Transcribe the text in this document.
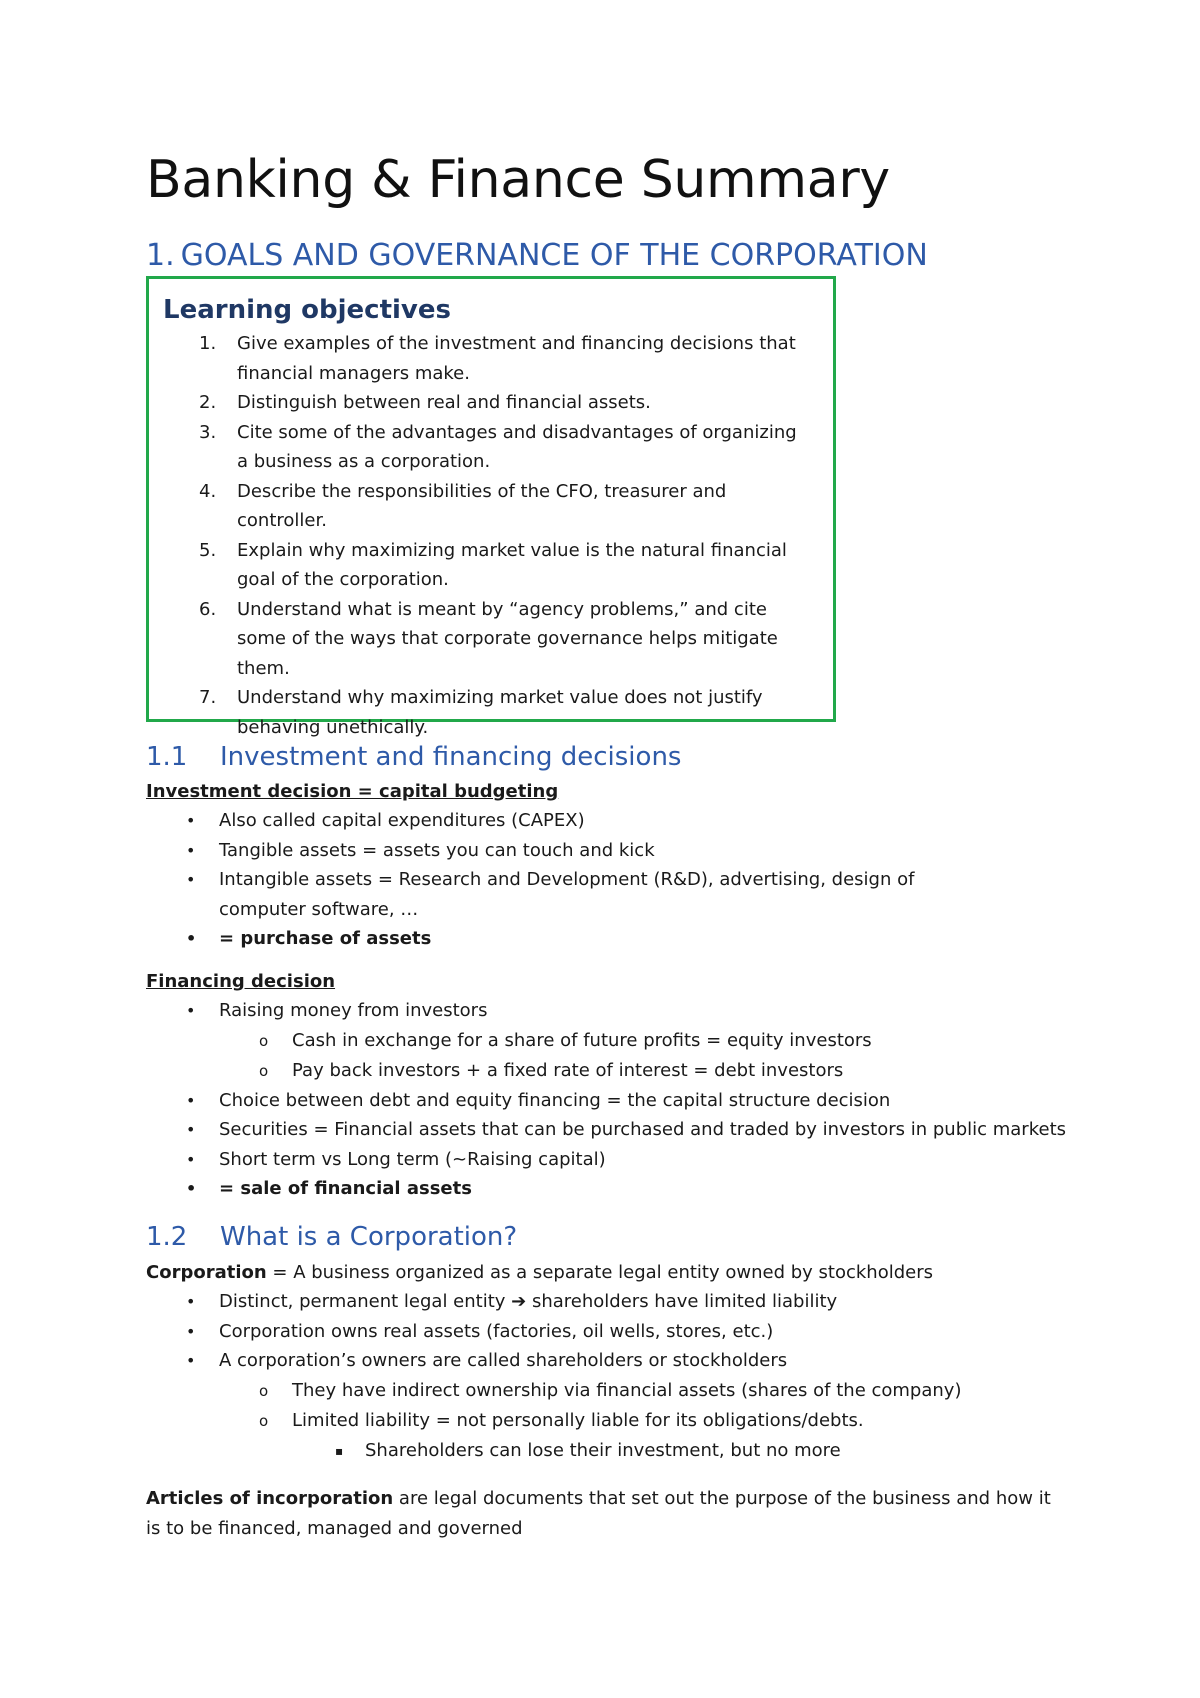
Banking & Finance Summary
1. GOALS AND GOVERNANCE OF THE CORPORATION
Learning objectives
1. Give examples of the investment and financing decisions that financial managers make.
2. Distinguish between real and financial assets.
3. Cite some of the advantages and disadvantages of organizing a business as a corporation.
4. Describe the responsibilities of the CFO, treasurer and controller.
5. Explain why maximizing market value is the natural financial goal of the corporation.
6. Understand what is meant by “agency problems,” and cite some of the ways that corporate governance helps mitigate them.
7. Understand why maximizing market value does not justify behaving unethically.
1.1 Investment and financing decisions
Investment decision = capital budgeting
• Also called capital expenditures (CAPEX)
• Tangible assets = assets you can touch and kick
• Intangible assets = Research and Development (R&D), advertising, design of computer software, …
• = purchase of assets
Financing decision
• Raising money from investors
o Cash in exchange for a share of future profits = equity investors
o Pay back investors + a fixed rate of interest = debt investors
• Choice between debt and equity financing = the capital structure decision
• Securities = Financial assets that can be purchased and traded by investors in public markets
• Short term vs Long term (~Raising capital)
• = sale of financial assets
1.2 What is a Corporation?
Corporation = A business organized as a separate legal entity owned by stockholders
• Distinct, permanent legal entity ➔ shareholders have limited liability
• Corporation owns real assets (factories, oil wells, stores, etc.)
• A corporation’s owners are called shareholders or stockholders
o They have indirect ownership via financial assets (shares of the company)
o Limited liability = not personally liable for its obligations/debts.
▪ Shareholders can lose their investment, but no more
Articles of incorporation are legal documents that set out the purpose of the business and how it is to be financed, managed and governed
